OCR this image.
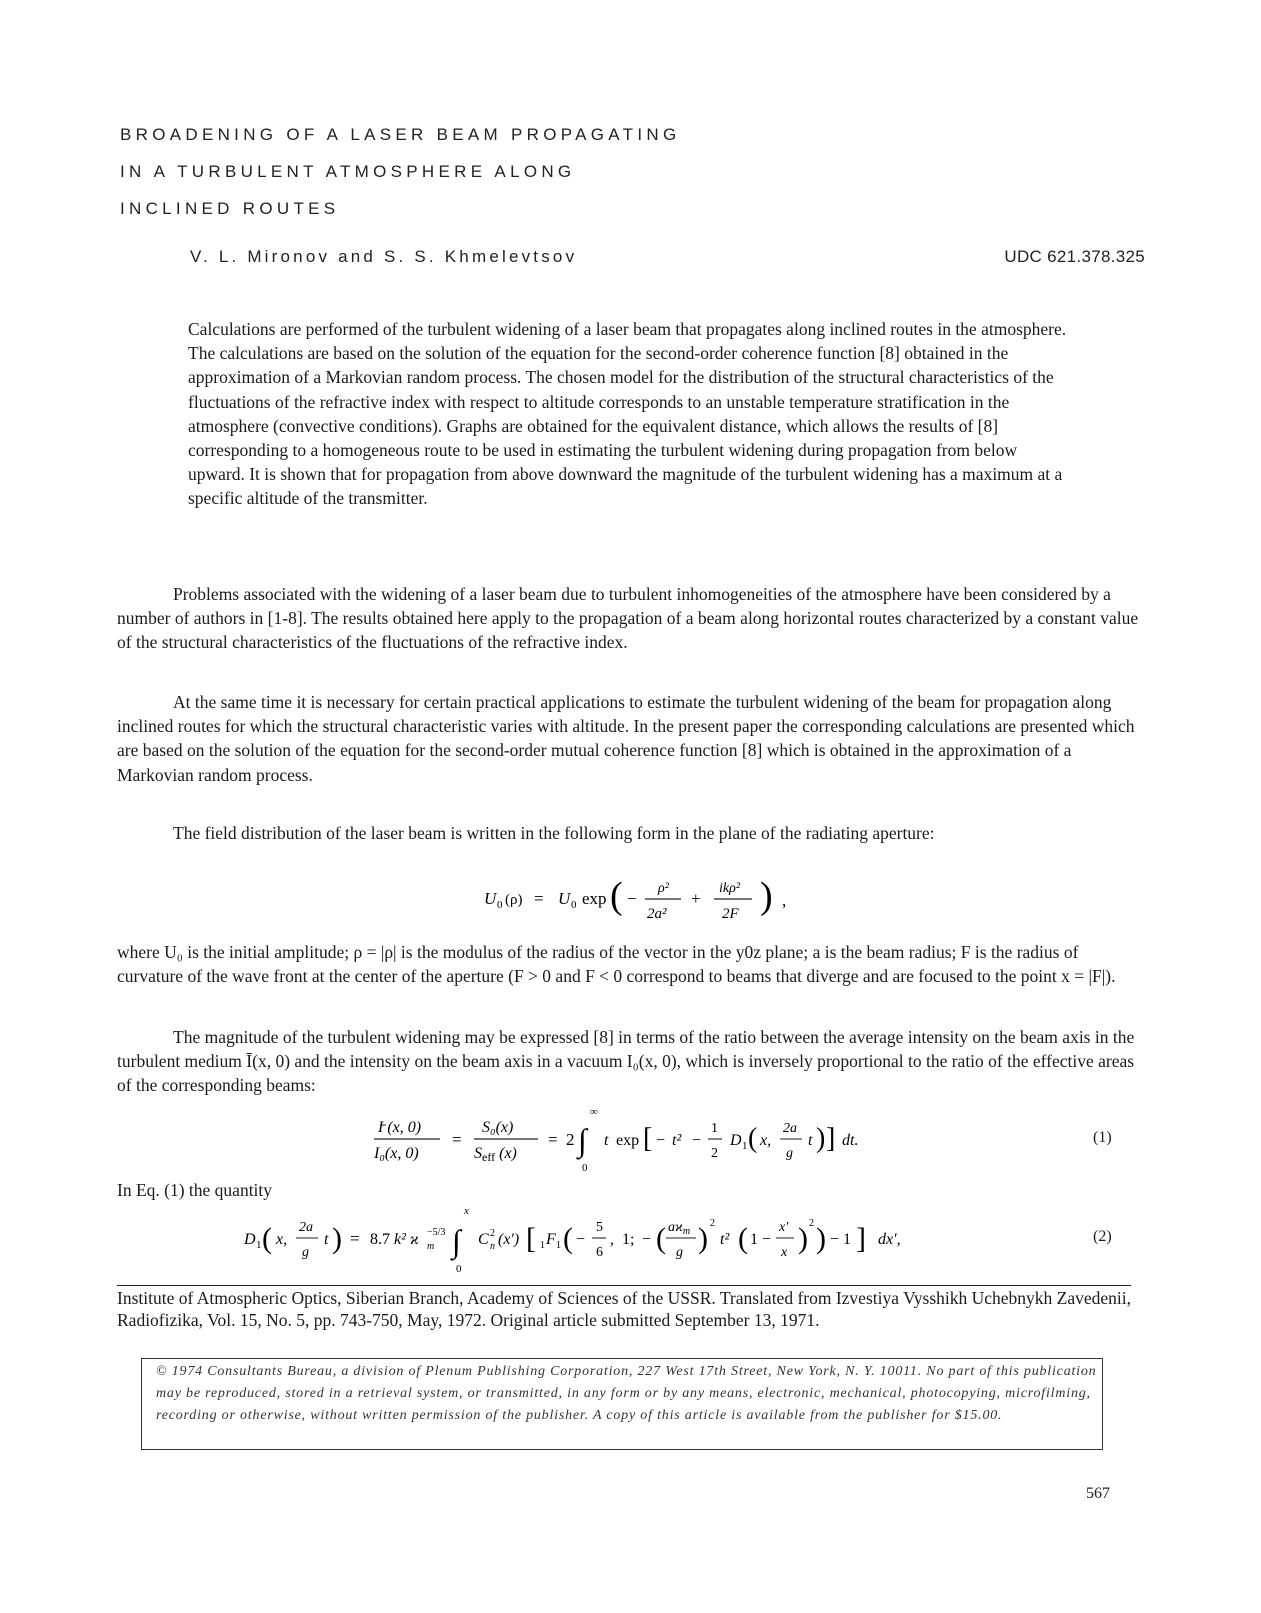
BROADENING OF A LASER BEAM PROPAGATING
IN A TURBULENT ATMOSPHERE ALONG
INCLINED ROUTES
V. L. Mironov and S. S. Khmelevtsov	UDC 621.378.325
Calculations are performed of the turbulent widening of a laser beam that propagates along inclined routes in the atmosphere. The calculations are based on the solution of the equation for the second-order coherence function [8] obtained in the approximation of a Markovian random process. The chosen model for the distribution of the structural characteristics of the fluctuations of the refractive index with respect to altitude corresponds to an unstable temperature stratification in the atmosphere (convective conditions). Graphs are obtained for the equivalent distance, which allows the results of [8] corresponding to a homogeneous route to be used in estimating the turbulent widening during propagation from below upward. It is shown that for propagation from above downward the magnitude of the turbulent widening has a maximum at a specific altitude of the transmitter.
Problems associated with the widening of a laser beam due to turbulent inhomogeneities of the atmosphere have been considered by a number of authors in [1-8]. The results obtained here apply to the propagation of a beam along horizontal routes characterized by a constant value of the structural characteristics of the fluctuations of the refractive index.
At the same time it is necessary for certain practical applications to estimate the turbulent widening of the beam for propagation along inclined routes for which the structural characteristic varies with altitude. In the present paper the corresponding calculations are presented which are based on the solution of the equation for the second-order mutual coherence function [8] which is obtained in the approximation of a Markovian random process.
The field distribution of the laser beam is written in the following form in the plane of the radiating aperture:
U 0 (ρ) = U 0 exp ( −
ρ²
2a²
+
ikρ²
2F ) ,
where U₀ is the initial amplitude; ρ = |ρ| is the modulus of the radius of the vector in the y0z plane; a is the beam radius; F is the radius of curvature of the wave front at the center of the aperture (F > 0 and F < 0 correspond to beams that diverge and are focused to the point x = |F|).
The magnitude of the turbulent widening may be expressed [8] in terms of the ratio between the average intensity on the beam axis in the turbulent medium Ī(x, 0) and the intensity on the beam axis in a vacuum I₀(x, 0), which is inversely proportional to the ratio of the effective areas of the corresponding beams:
I (x, 0)
I₀(x, 0)
=
S₀(x)
Seff (x)
= 2 ∫
∞
0
t exp [ − t² −
1
2
D 1 ( x,
2a
g
t ) ] dt.	(1)
In Eq. (1) the quantity
D 1 ( x,
2a
g
t ) = 8.7 k² ϰ −5/3
m ∫
x
0
C 2
n (x′) [ 1 F 1 ( −
5
6
, 1; − ( $aϰ_m$
g ) 2
t² ( 1 −
x′
x ) 2 ) − 1 ] dx′,	(2)
Institute of Atmospheric Optics, Siberian Branch, Academy of Sciences of the USSR. Translated from Izvestiya Vysshikh Uchebnykh Zavedenii, Radiofizika, Vol. 15, No. 5, pp. 743-750, May, 1972. Original article submitted September 13, 1971.
© 1974 Consultants Bureau, a division of Plenum Publishing Corporation, 227 West 17th Street, New York, N. Y. 10011. No part of this publication may be reproduced, stored in a retrieval system, or transmitted, in any form or by any means, electronic, mechanical, photocopying, microfilming, recording or otherwise, without written permission of the publisher. A copy of this article is available from the publisher for $15.00.
567
